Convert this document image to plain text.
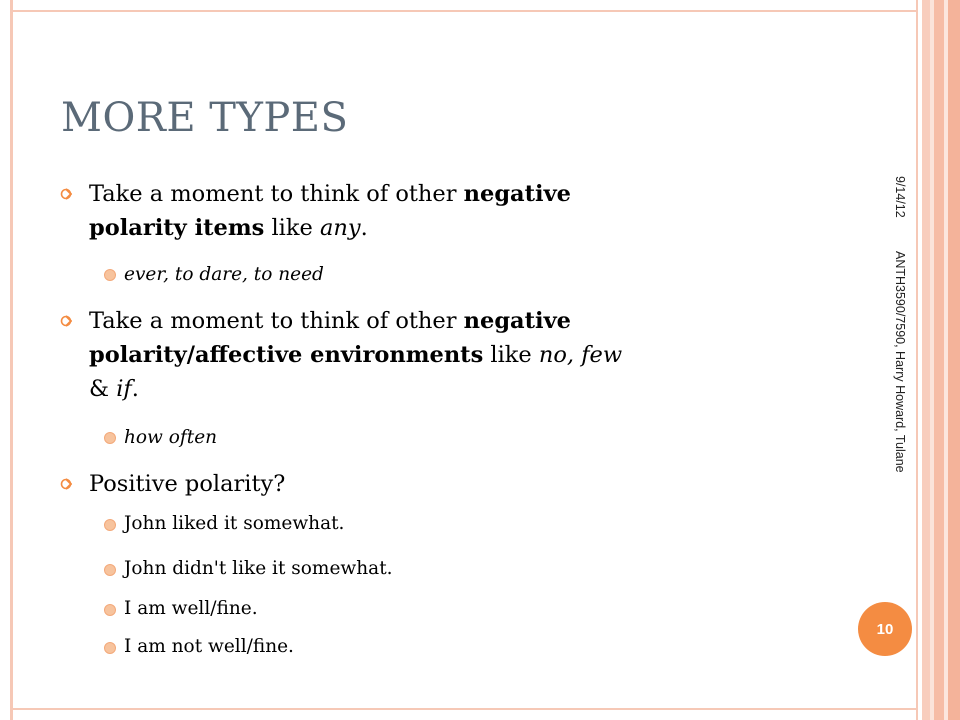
MORE TYPES
Take a moment to think of other negative
polarity items like any.
ever, to dare, to need
Take a moment to think of other negative
polarity/affective environments like no, few
& if.
how often
Positive polarity?
John liked it somewhat.
John didn't like it somewhat.
I am well/fine.
I am not well/fine.
9/14/12
ANTH3590/7590, Harry Howard, Tulane
10
